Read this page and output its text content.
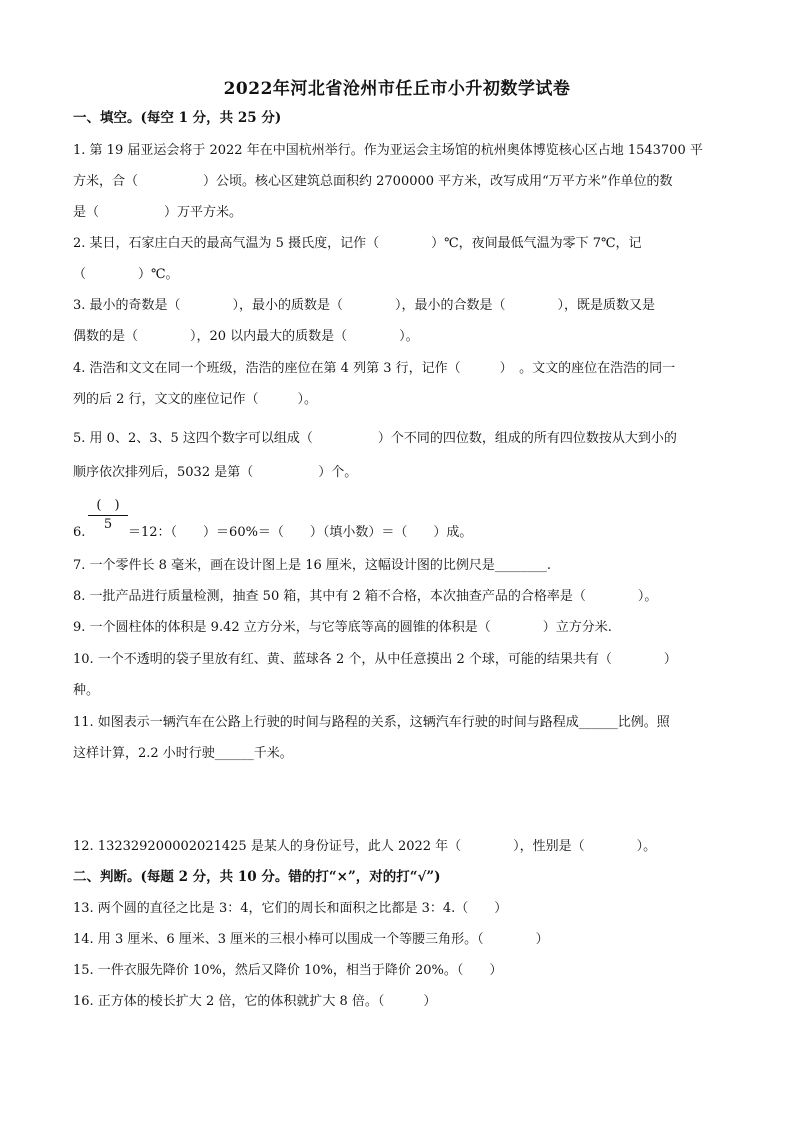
2022年河北省沧州市任丘市小升初数学试卷
一、填空。(每空 1 分，共 25 分)
1. 第 19 届亚运会将于 2022 年在中国杭州举行。作为亚运会主场馆的杭州奥体博览核心区占地 1543700 平
方米，合（　　　　　）公顷。核心区建筑总面积约 2700000 平方米，改写成用“万平方米”作单位的数
是（　　　　　）万平方米。
2. 某日，石家庄白天的最高气温为 5 摄氏度，记作（　　　　）℃，夜间最低气温为零下 7℃，记
（　　　　）℃。
3. 最小的奇数是（　　　　），最小的质数是（　　　　），最小的合数是（　　　　），既是质数又是
偶数的是（　　　　），20 以内最大的质数是（　　　　）。
4. 浩浩和文文在同一个班级，浩浩的座位在第 4 列第 3 行，记作（　　　）　。文文的座位在浩浩的同一
列的后 2 行，文文的座位记作（　　　）。
5. 用 0、2、3、5 这四个数字可以组成（　　　　　）个不同的四位数，组成的所有四位数按从大到小的
顺序依次排列后，5032 是第（　　　　　）个。
(　)
5
6.	＝12：（　　）＝60%＝（　　）（填小数）＝（　　）成。
7. 一个零件长 8 毫米，画在设计图上是 16 厘米，这幅设计图的比例尺是________.
8. 一批产品进行质量检测，抽查 50 箱，其中有 2 箱不合格，本次抽查产品的合格率是（　　　　）。
9. 一个圆柱体的体积是 9.42 立方分米，与它等底等高的圆锥的体积是（　　　　）立方分米.
10. 一个不透明的袋子里放有红、黄、蓝球各 2 个，从中任意摸出 2 个球，可能的结果共有（　　　　）
种。
11. 如图表示一辆汽车在公路上行驶的时间与路程的关系，这辆汽车行驶的时间与路程成______比例。照
这样计算，2.2 小时行驶______千米。
12. 132329200002021425 是某人的身份证号，此人 2022 年（　　　　），性别是（　　　　）。
二、判断。(每题 2 分，共 10 分。错的打“×”，对的打“√”)
13. 两个圆的直径之比是 3：4，它们的周长和面积之比都是 3：4.（　　）
14. 用 3 厘米、6 厘米、3 厘米的三根小棒可以围成一个等腰三角形。（　　　　）
15. 一件衣服先降价 10%，然后又降价 10%，相当于降价 20%。（　　）
16. 正方体的棱长扩大 2 倍，它的体积就扩大 8 倍。（　　　）
